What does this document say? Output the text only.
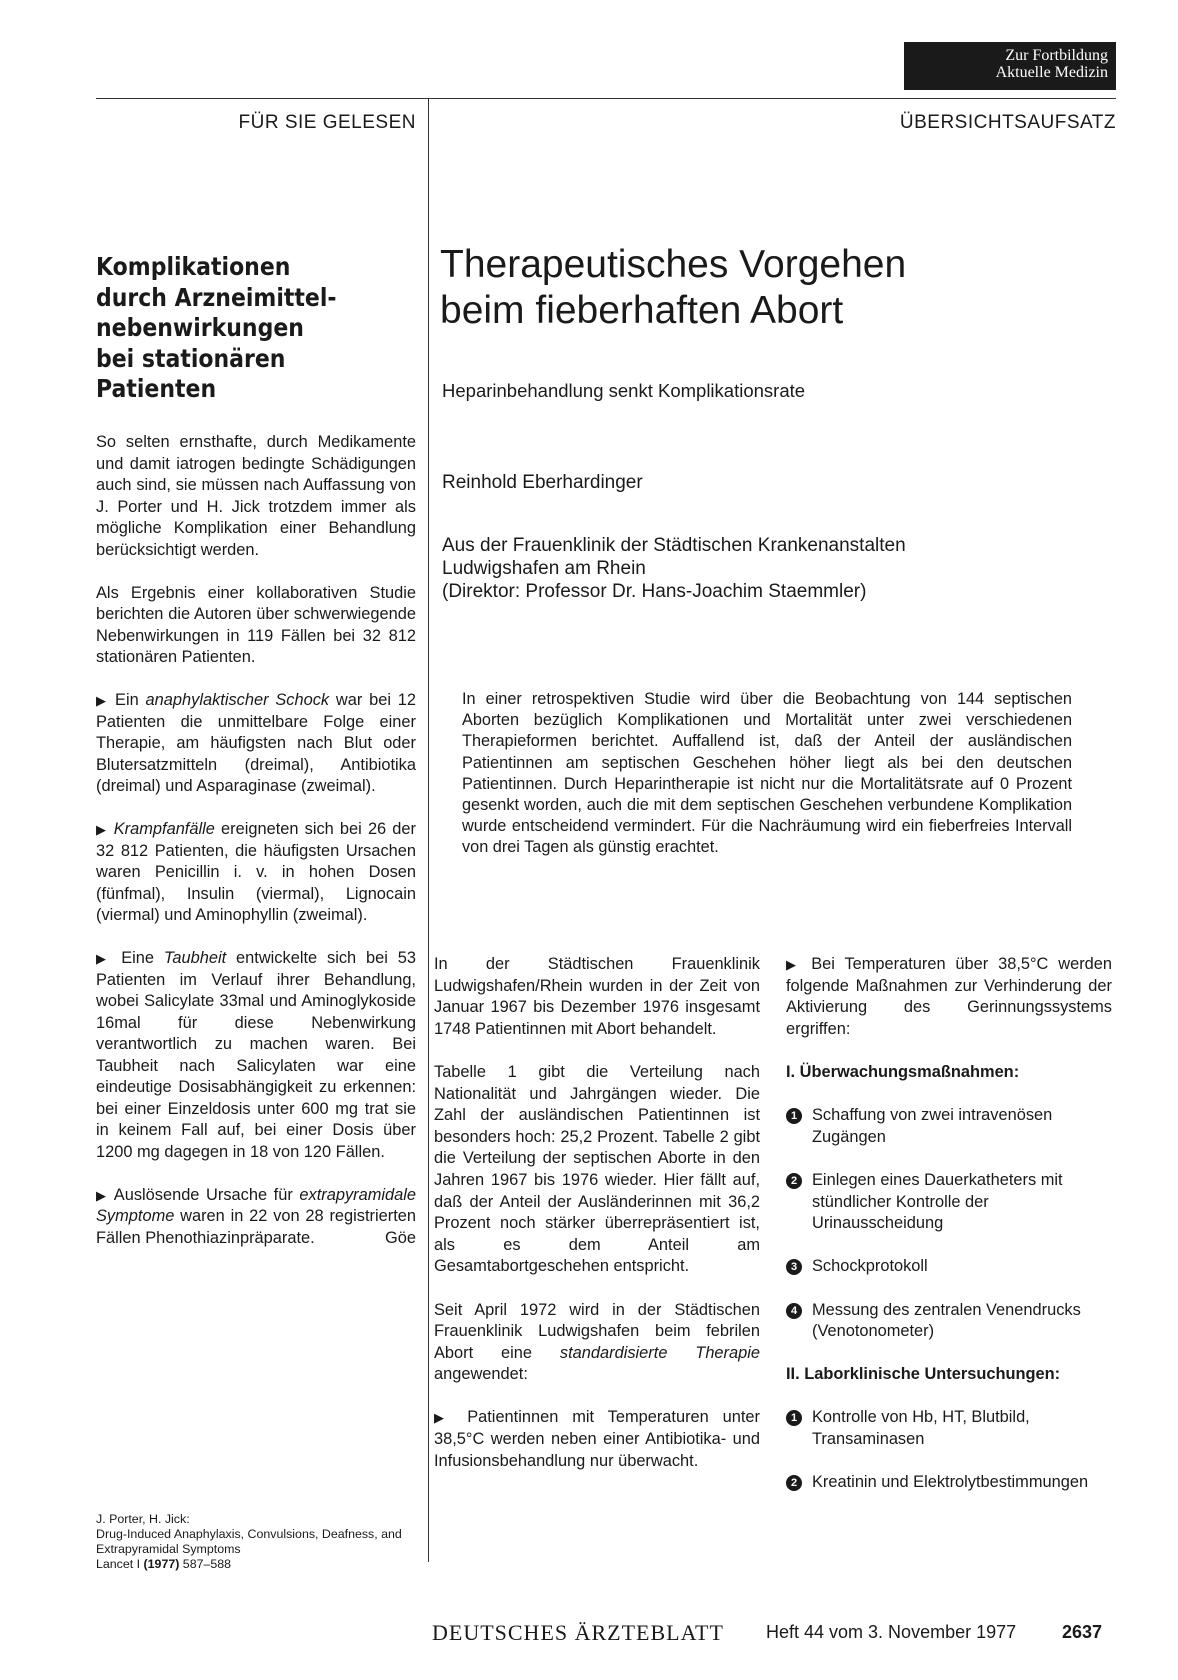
Zur Fortbildung
Aktuelle Medizin
FÜR SIE GELESEN	ÜBERSICHTSAUFSATZ
Komplikationen
durch Arzneimittel-
nebenwirkungen
bei stationären
Patienten

So selten ernsthafte, durch Medikamente und damit iatrogen bedingte Schädigungen auch sind, sie müssen nach Auffassung von J. Porter und H. Jick trotzdem immer als mögliche Komplikation einer Behandlung berücksichtigt werden.

Als Ergebnis einer kollaborativen Studie berichten die Autoren über schwerwiegende Nebenwirkungen in 119 Fällen bei 32 812 stationären Patienten.

▶ Ein anaphylaktischer Schock war bei 12 Patienten die unmittelbare Folge einer Therapie, am häufigsten nach Blut oder Blutersatzmitteln (dreimal), Antibiotika (dreimal) und Asparaginase (zweimal).

▶ Krampfanfälle ereigneten sich bei 26 der 32 812 Patienten, die häufigsten Ursachen waren Penicillin i. v. in hohen Dosen (fünfmal), Insulin (viermal), Lignocain (viermal) und Aminophyllin (zweimal).

▶ Eine Taubheit entwickelte sich bei 53 Patienten im Verlauf ihrer Behandlung, wobei Salicylate 33mal und Aminoglykoside 16mal für diese Nebenwirkung verantwortlich zu machen waren. Bei Taubheit nach Salicylaten war eine eindeutige Dosisabhängigkeit zu erkennen: bei einer Einzeldosis unter 600 mg trat sie in keinem Fall auf, bei einer Dosis über 1200 mg dagegen in 18 von 120 Fällen.

▶ Auslösende Ursache für extrapyramidale Symptome waren in 22 von 28 registrierten Fällen Phenothiazinpräparate.	Göe

J. Porter, H. Jick:
Drug-Induced Anaphylaxis, Convulsions, Deafness, and Extrapyramidal Symptoms
Lancet I (1977) 587–588
Therapeutisches Vorgehen
beim fieberhaften Abort
Heparinbehandlung senkt Komplikationsrate
Reinhold Eberhardinger
Aus der Frauenklinik der Städtischen Krankenanstalten
Ludwigshafen am Rhein
(Direktor: Professor Dr. Hans-Joachim Staemmler)
In einer retrospektiven Studie wird über die Beobachtung von 144 septischen Aborten bezüglich Komplikationen und Mortalität unter zwei verschiedenen Therapieformen berichtet. Auffallend ist, daß der Anteil der ausländischen Patientinnen am septischen Geschehen höher liegt als bei den deutschen Patientinnen. Durch Heparintherapie ist nicht nur die Mortalitätsrate auf 0 Prozent gesenkt worden, auch die mit dem septischen Geschehen verbundene Komplikation wurde entscheidend vermindert. Für die Nachräumung wird ein fieberfreies Intervall von drei Tagen als günstig erachtet.

In der Städtischen Frauenklinik Ludwigshafen/Rhein wurden in der Zeit von Januar 1967 bis Dezember 1976 insgesamt 1748 Patientinnen mit Abort behandelt.

Tabelle 1 gibt die Verteilung nach Nationalität und Jahrgängen wieder. Die Zahl der ausländischen Patientinnen ist besonders hoch: 25,2 Prozent. Tabelle 2 gibt die Verteilung der septischen Aborte in den Jahren 1967 bis 1976 wieder. Hier fällt auf, daß der Anteil der Ausländerinnen mit 36,2 Prozent noch stärker überrepräsentiert ist, als es dem Anteil am Gesamtabortgeschehen entspricht.

Seit April 1972 wird in der Städtischen Frauenklinik Ludwigshafen beim febrilen Abort eine standardisierte Therapie angewendet:

▶ Patientinnen mit Temperaturen unter 38,5°C werden neben einer Antibiotika- und Infusionsbehandlung nur überwacht.

▶ Bei Temperaturen über 38,5°C werden folgende Maßnahmen zur Verhinderung der Aktivierung des Gerinnungssystems ergriffen:

I. Überwachungsmaßnahmen:
1 Schaffung von zwei intravenösen Zugängen
2 Einlegen eines Dauerkatheters mit stündlicher Kontrolle der Urinausscheidung
3 Schockprotokoll
4 Messung des zentralen Venendrucks (Venotonometer)
II. Laborklinische Untersuchungen:
1 Kontrolle von Hb, HT, Blutbild, Transaminasen
2 Kreatinin und Elektrolytbestimmungen
DEUTSCHES ÄRZTEBLATT Heft 44 vom 3. November 1977	2637
